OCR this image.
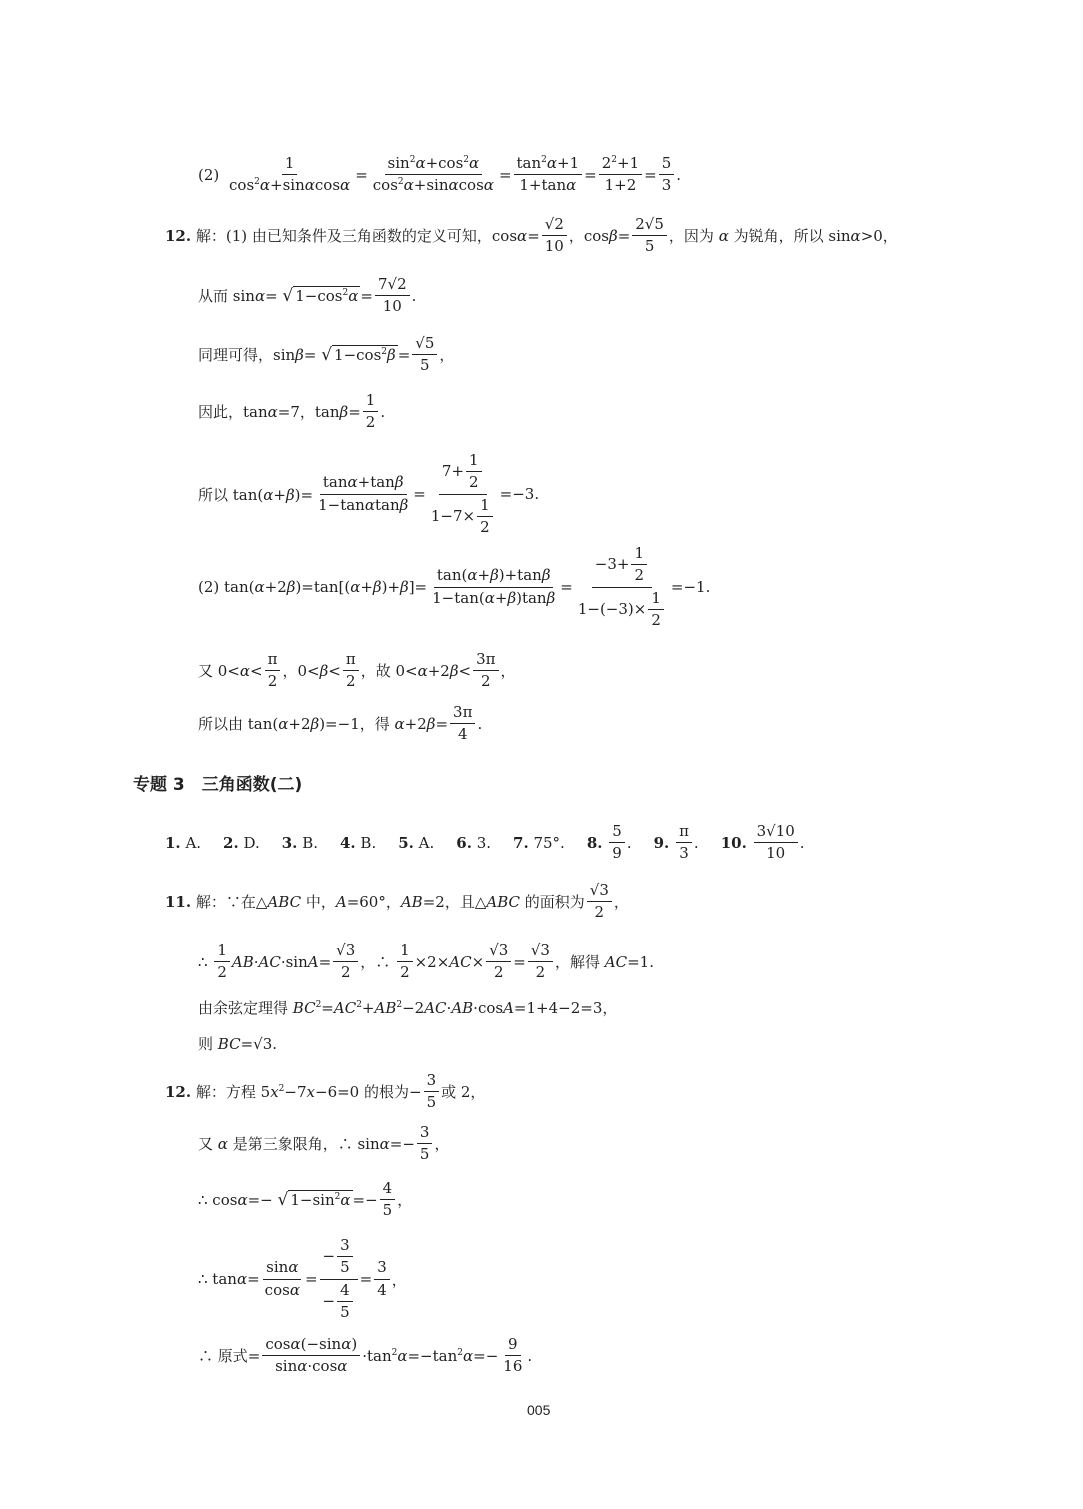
(2)
1
$\cos^2\alpha+\sin\alpha\cos\alpha$
=
$\sin^2\alpha+\cos^2\alpha$
$\cos^2\alpha+\sin\alpha\cos\alpha$
=
$\tan^2\alpha+1$
1+tanα
=
$2^2+1$
1+2
=
5
3
.
12.
解：(1) 由已知条件及三角函数的定义可知，$\cos\alpha= \frac{√2}{10}$ ，$\cos\beta= \frac{2√5}{5}$ ，因为 α 为锐角，所以 sinα>0，
从而 sinα= √ $1-\cos^2\alpha = \frac{7√2}{10}$ .
同理可得，sinβ= √ $1-\cos^2\beta = \frac{√5}{5}$ ，
因此，tanα=7，$\tan\beta= \frac{1}{2}$ .
所以 $\tan(\alpha+\beta)= \frac{\tan\alpha+\tan\beta}{1-\tan\alpha\tan\beta} = 7+$
1
2
1−7×
1
2 =−3.
(2) $\tan(\alpha+2\beta)=\tan[(\alpha+\beta)+\beta]= \frac{\tan(\alpha+\beta)+\tan\beta}{1-\tan(\alpha+\beta)\tan\beta} = -3+$
1
2
1−(−3)×
1
2 =−1.
又 0<α<
π
2
，0<β<
π
2
，故 0<α+2β<
3π
2
，
所以由 tan(α+2β)=−1，得 $\alpha+2\beta= \frac{3\pi}{4}$ .
专题 3　三角函数(二)
1. A. 2. D. 3. B. 4. B. 5. A. 6. 3. 7. 75°. 8.

5
9
. 9.

π
3
. 10.

3√10
10
.
11.
解：∵在△ABC 中，A=60°，AB=2，且△ABC 的面积为
√3
2
，
∴
1
2
$AB\cdot AC\cdot\sin A= \frac{√3}{2}$ ，∴ $\frac{1}{2} \times 2\times AC\times \frac{√3}{2}$ =
√3
2
，解得 AC=1.
由余弦定理得 $BC^2=AC^2+AB^2-2AC\cdot AB\cdot\cos A=1+4-2=3$，
则 BC=√3.
12.
解：方程 $5x^2-7x-6=0$ 的根为− $\frac{3}{5}$ 或 2，
又 α 是第三象限角，∴ $\sin\alpha=- \frac{3}{5}$ ，
∴ cosα=− √ $1-\sin^2\alpha =- \frac{4}{5}$ ，
∴ $\tan\alpha= \frac{\sin\alpha}{\cos\alpha}$ =
−
3
5
−
4
5
=
3
4
，
∴ 原式= $\frac{\cos\alpha(-\sin\alpha)}{\sin\alpha\cdot\cos\alpha} \cdot\tan^2\alpha=-\tan^2\alpha=- \frac{9}{16}$ .
005
